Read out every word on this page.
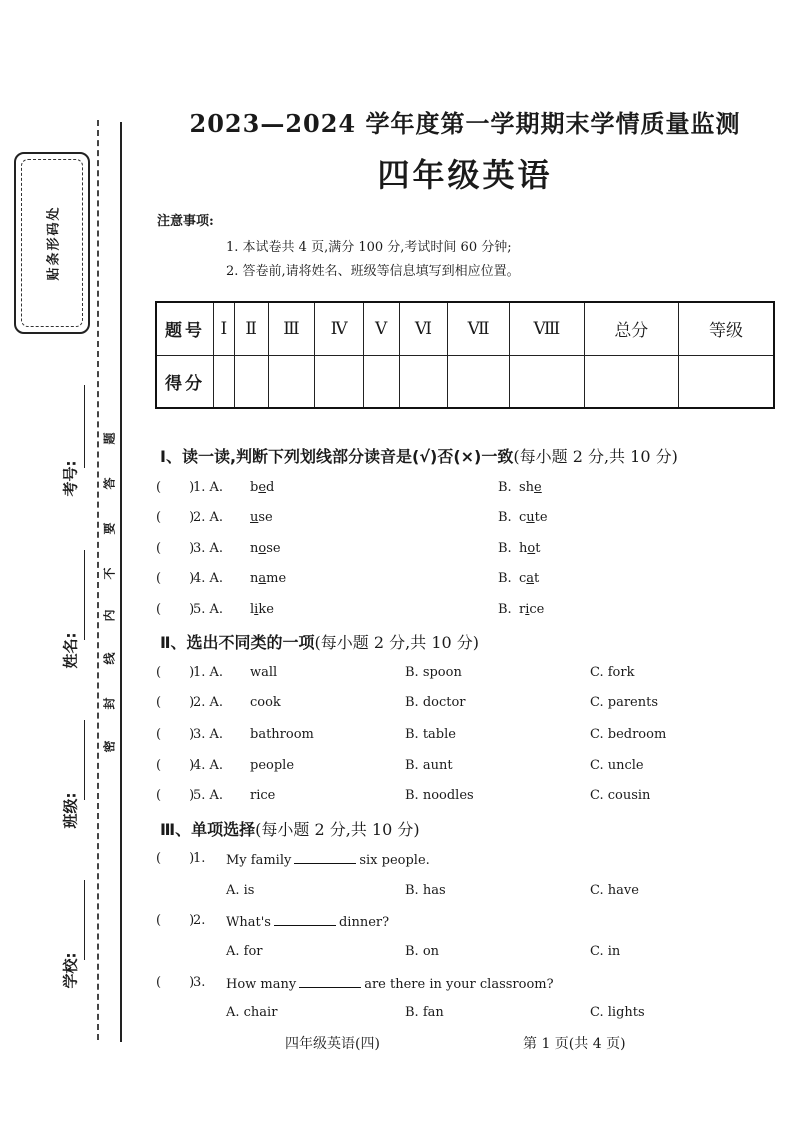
贴条形码处
学校:
班级:
姓名:
考号:
题
答
要
不
内
线
封
密
2023—2024 学年度第一学期期末学情质量监测
四年级英语
注意事项:
1. 本试卷共 4 页,满分 100 分,考试时间 60 分钟;
2. 答卷前,请将姓名、班级等信息填写到相应位置。
题号	Ⅰ	Ⅱ	Ⅲ	Ⅳ	Ⅴ	Ⅵ	Ⅶ	Ⅷ	总分	等级
得分										
Ⅰ、读一读,判断下列划线部分读音是(√)否(×)一致(每小题 2 分,共 10 分)
( )
1. A. bed	B. she
( )
2. A. use	B. cute
( )
3. A. nose	B. hot
( )
4. A. name	B. cat
( )
5. A. like	B. rice
Ⅱ、选出不同类的一项(每小题 2 分,共 10 分)
( )
1. A. wall	B. spoon	C. fork
( )
2. A. cook	B. doctor	C. parents
( )
3. A. bathroom	B. table	C. bedroom
( )
4. A. people	B. aunt	C. uncle
( )
5. A. rice	B. noodles	C. cousin
Ⅲ、单项选择(每小题 2 分,共 10 分)
( )
1. My family	six people.
A. is	B. has	C. have
( )
2. What's	dinner?
A. for	B. on	C. in
( )
3. How many	are there in your classroom?
A. chair	B. fan	C. lights
四年级英语(四)	第 1 页(共 4 页)
